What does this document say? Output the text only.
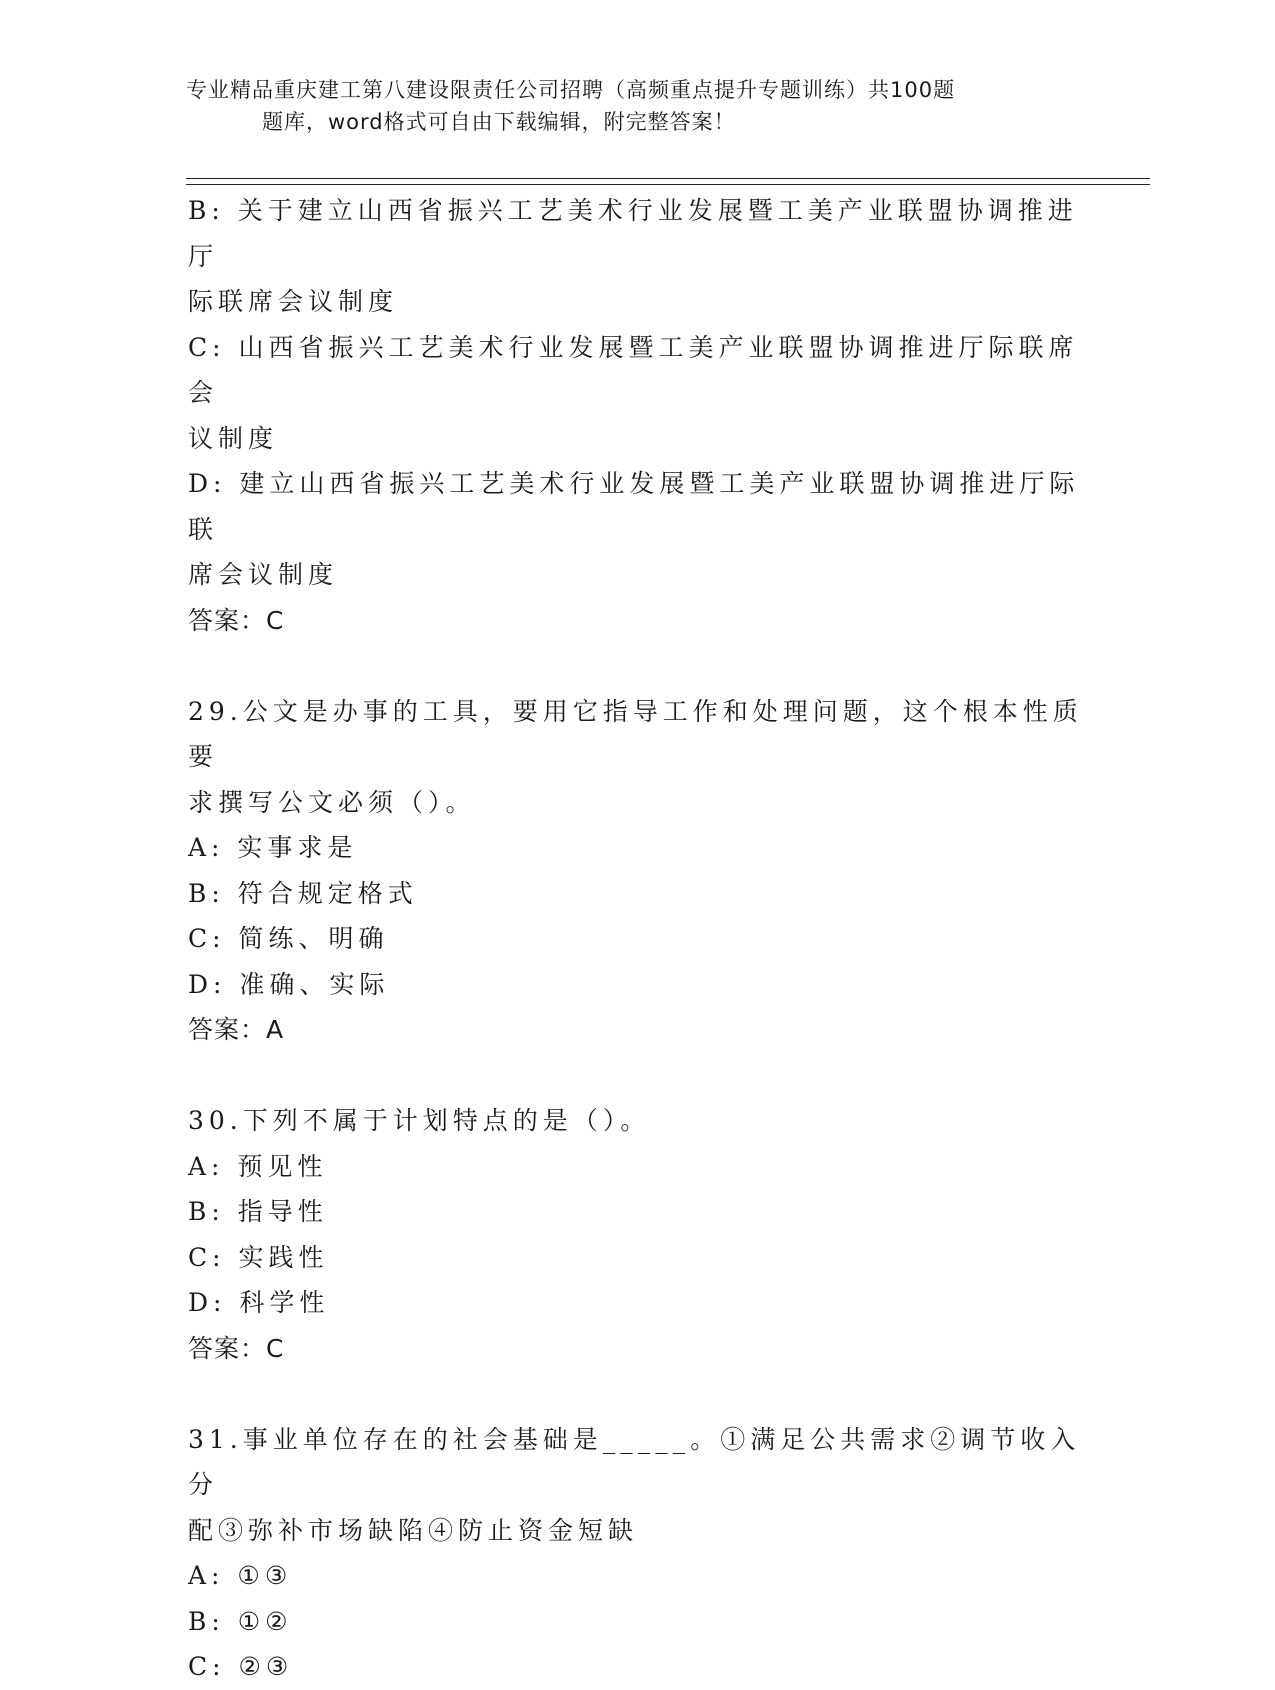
专业精品重庆建工第八建设限责任公司招聘（高频重点提升专题训练）共100题
题库，word格式可自由下载编辑，附完整答案！

B: 关于建立山西省振兴工艺美术行业发展暨工美产业联盟协调推进厅

际联席会议制度

C: 山西省振兴工艺美术行业发展暨工美产业联盟协调推进厅际联席会

议制度

D: 建立山西省振兴工艺美术行业发展暨工美产业联盟协调推进厅际联

席会议制度

答案：C

29.公文是办事的工具，要用它指导工作和处理问题，这个根本性质要

求撰写公文必须（）。

A: 实事求是

B: 符合规定格式

C: 简练、明确

D: 准确、实际

答案：A

30.下列不属于计划特点的是（）。

A: 预见性

B: 指导性

C: 实践性

D: 科学性

答案：C

31.事业单位存在的社会基础是_____。①满足公共需求②调节收入分

配③弥补市场缺陷④防止资金短缺

A: ①③

B: ①②

C: ②③
